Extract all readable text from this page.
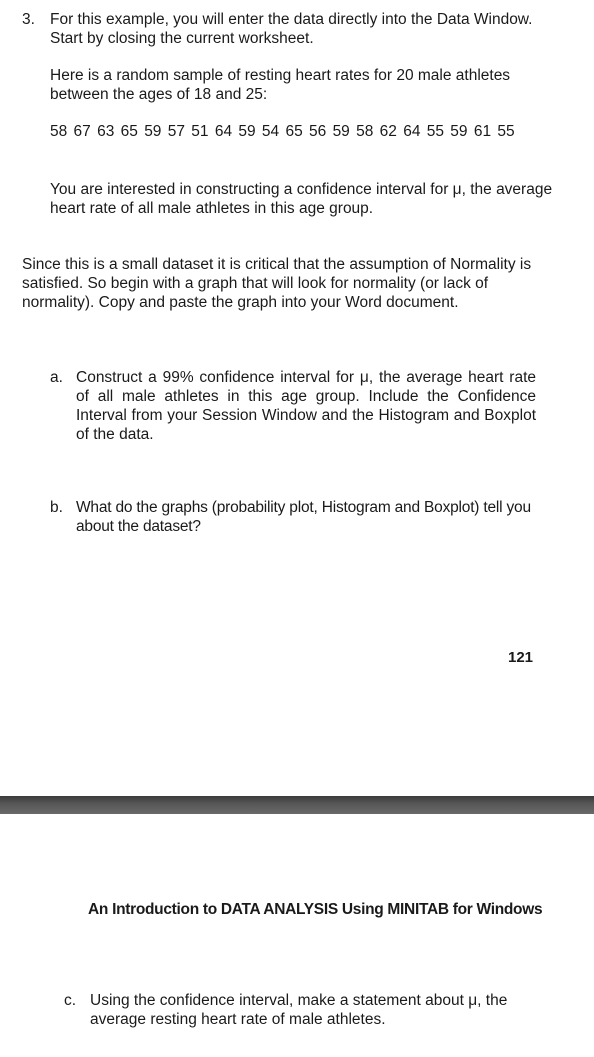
3. For this example, you will enter the data directly into the Data Window. Start by closing the current worksheet.

Here is a random sample of resting heart rates for 20 male athletes between the ages of 18 and 25:

58 67 63 65 59 57 51 64 59 54 65 56 59 58 62 64 55 59 61 55

You are interested in constructing a confidence interval for μ, the average heart rate of all male athletes in this age group.

Since this is a small dataset it is critical that the assumption of Normality is satisfied. So begin with a graph that will look for normality (or lack of normality). Copy and paste the graph into your Word document.

a. Construct a 99% confidence interval for μ, the average heart rate of all male athletes in this age group. Include the Confidence Interval from your Session Window and the Histogram and Boxplot of the data.

b. What do the graphs (probability plot, Histogram and Boxplot) tell you about the dataset?

121
An Introduction to DATA ANALYSIS Using MINITAB for Windows
c. Using the confidence interval, make a statement about μ, the average resting heart rate of male athletes.
